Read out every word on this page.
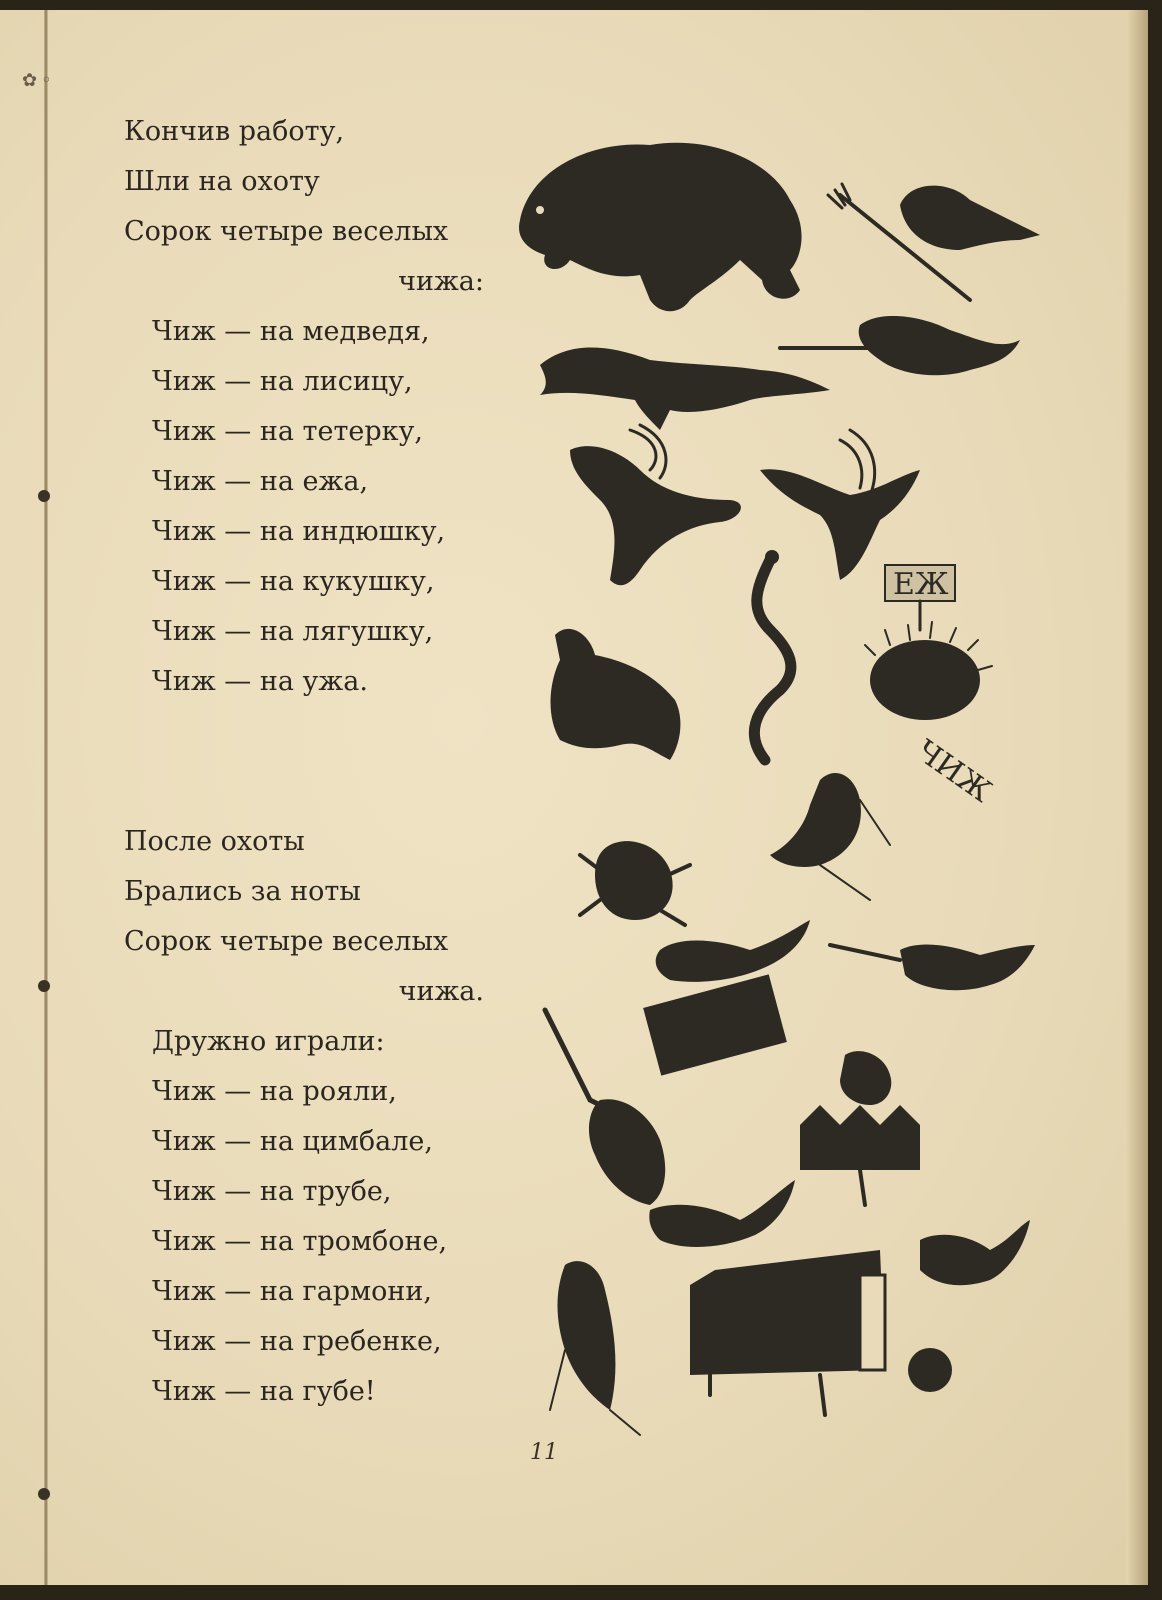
✿◦
Кончив работу,
Шли на охоту
Сорок четыре веселых
чижа:
Чиж — на медведя,
Чиж — на лисицу,
Чиж — на тетерку,
Чиж — на ежа,
Чиж — на индюшку,
Чиж — на кукушку,
Чиж — на лягушку,
Чиж — на ужа.
После охоты
Брались за ноты
Сорок четыре веселых
чижа.
Дружно играли:
Чиж — на рояли,
Чиж — на цимбале,
Чиж — на трубе,
Чиж — на тромбоне,
Чиж — на гармони,
Чиж — на гребенке,
Чиж — на губе!
ЕЖ
ЧИЖ
11
